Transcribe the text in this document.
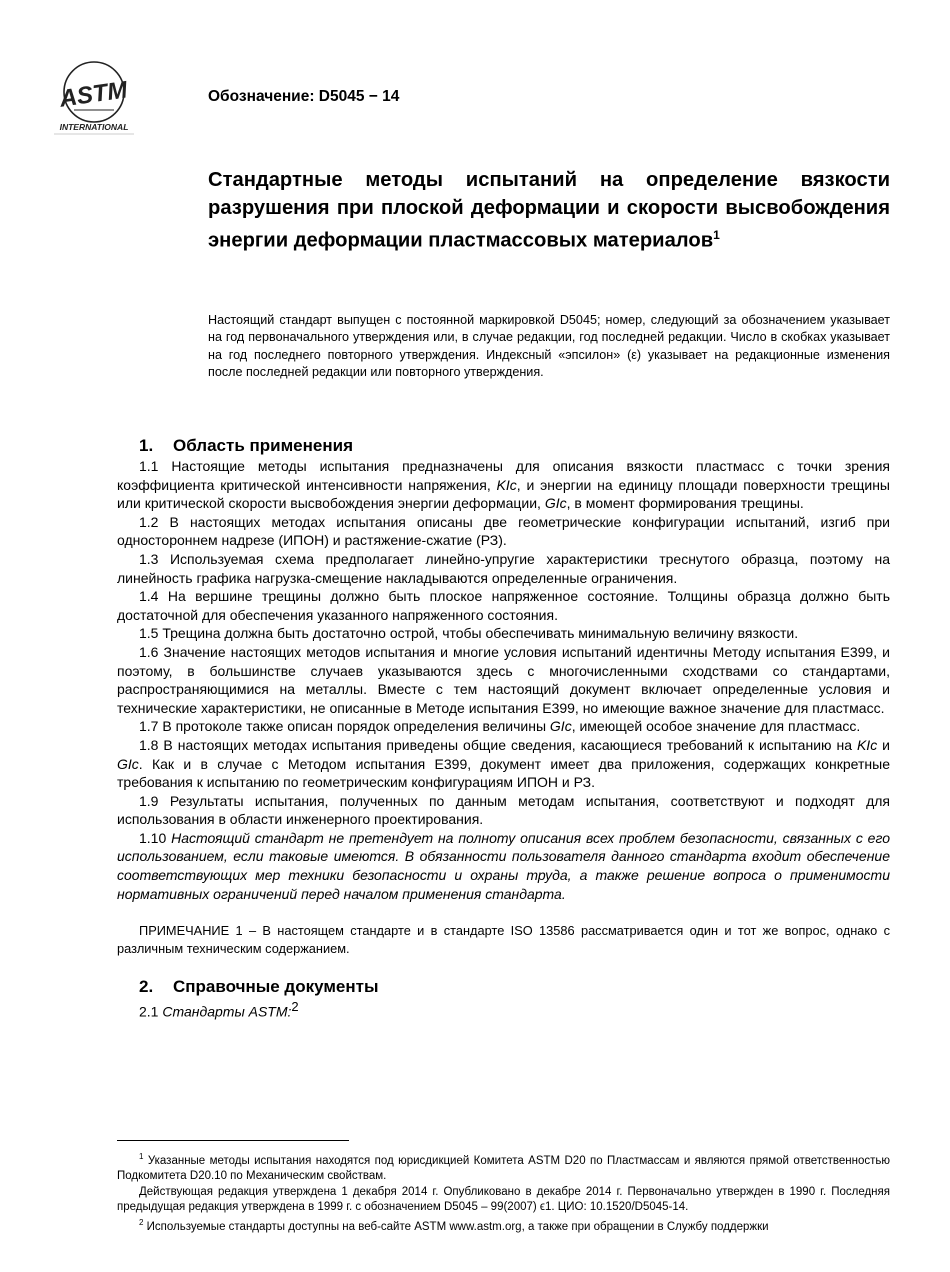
ASTM
INTERNATIONAL
Обозначение: D5045 − 14
Стандартные методы испытаний на определение вязкости разрушения при плоской деформации и скорости высвобождения энергии деформации пластмассовых материалов$^1$

Настоящий стандарт выпущен с постоянной маркировкой D5045; номер, следующий за обозначением указывает на год первоначального утверждения или, в случае редакции, год последней редакции. Число в скобках указывает на год последнего повторного утверждения. Индексный «эпсилон» (ε) указывает на редакционные изменения после последней редакции или повторного утверждения.

1. Область применения

1.1 Настоящие методы испытания предназначены для описания вязкости пластмасс с точки зрения коэффициента критической интенсивности напряжения, KIc, и энергии на единицу площади поверхности трещины или критической скорости высвобождения энергии деформации, GIc, в момент формирования трещины.

1.2 В настоящих методах испытания описаны две геометрические конфигурации испытаний, изгиб при одностороннем надрезе (ИПОН) и растяжение-сжатие (РЗ).

1.3 Используемая схема предполагает линейно-упругие характеристики треснутого образца, поэтому на линейность графика нагрузка-смещение накладываются определенные ограничения.

1.4 На вершине трещины должно быть плоское напряженное состояние. Толщины образца должно быть достаточной для обеспечения указанного напряженного состояния.

1.5 Трещина должна быть достаточно острой, чтобы обеспечивать минимальную величину вязкости.

1.6 Значение настоящих методов испытания и многие условия испытаний идентичны Методу испытания E399, и поэтому, в большинстве случаев указываются здесь с многочисленными сходствами со стандартами, распространяющимися на металлы. Вместе с тем настоящий документ включает определенные условия и технические характеристики, не описанные в Методе испытания E399, но имеющие важное значение для пластмасс.

1.7 В протоколе также описан порядок определения величины GIc, имеющей особое значение для пластмасс.

1.8 В настоящих методах испытания приведены общие сведения, касающиеся требований к испытанию на KIc и GIc. Как и в случае с Методом испытания E399, документ имеет два приложения, содержащих конкретные требования к испытанию по геометрическим конфигурациям ИПОН и РЗ.

1.9 Результаты испытания, полученных по данным методам испытания, соответствуют и подходят для использования в области инженерного проектирования.

1.10 Настоящий стандарт не претендует на полноту описания всех проблем безопасности, связанных с его использованием, если таковые имеются. В обязанности пользователя данного стандарта входит обеспечение соответствующих мер техники безопасности и охраны труда, а также решение вопроса о применимости нормативных ограничений перед началом применения стандарта.

ПРИМЕЧАНИЕ 1 – В настоящем стандарте и в стандарте ISO 13586 рассматривается один и тот же вопрос, однако с различным техническим содержанием.

2. Справочные документы

2.1 Стандарты ASTM:$^2$

$^1$ Указанные методы испытания находятся под юрисдикцией Комитета ASTM D20 по Пластмассам и являются прямой ответственностью Подкомитета D20.10 по Механическим свойствам.

Действующая редакция утверждена 1 декабря 2014 г. Опубликовано в декабре 2014 г. Первоначально утвержден в 1990 г. Последняя предыдущая редакция утверждена в 1999 г. с обозначением D5045 – 99(2007) ϵ1. ЦИО: 10.1520/D5045-14.

$^2$ Используемые стандарты доступны на веб-сайте ASTM www.astm.org, а также при обращении в Службу поддержки
